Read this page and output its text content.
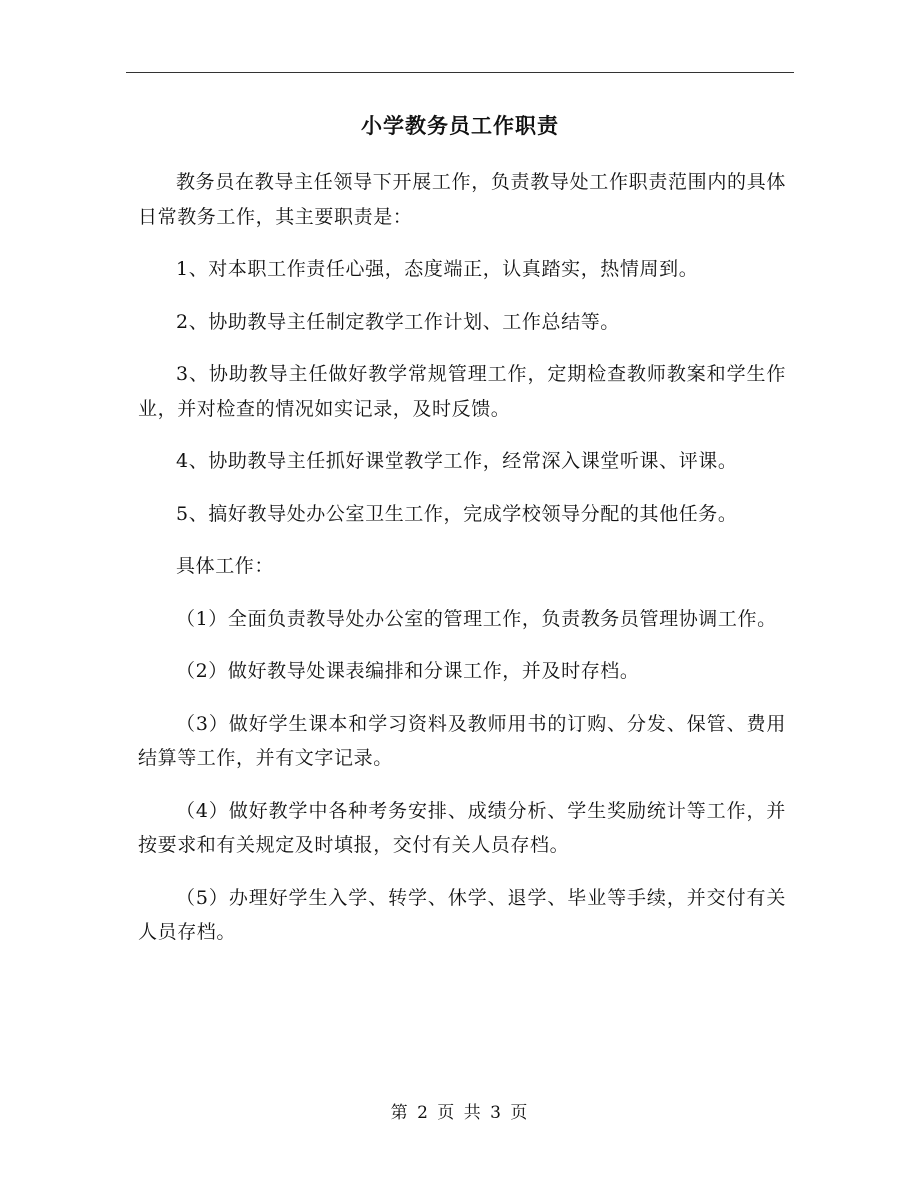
小学教务员工作职责

教务员在教导主任领导下开展工作，负责教导处工作职责范围内的具体日常教务工作，其主要职责是：

1、对本职工作责任心强，态度端正，认真踏实，热情周到。

2、协助教导主任制定教学工作计划、工作总结等。

3、协助教导主任做好教学常规管理工作，定期检查教师教案和学生作业，并对检查的情况如实记录，及时反馈。

4、协助教导主任抓好课堂教学工作，经常深入课堂听课、评课。

5、搞好教导处办公室卫生工作，完成学校领导分配的其他任务。

具体工作：

（1）全面负责教导处办公室的管理工作，负责教务员管理协调工作。

（2）做好教导处课表编排和分课工作，并及时存档。

（3）做好学生课本和学习资料及教师用书的订购、分发、保管、费用结算等工作，并有文字记录。

（4）做好教学中各种考务安排、成绩分析、学生奖励统计等工作，并按要求和有关规定及时填报，交付有关人员存档。

（5）办理好学生入学、转学、休学、退学、毕业等手续，并交付有关人员存档。

第 2 页 共 3 页
